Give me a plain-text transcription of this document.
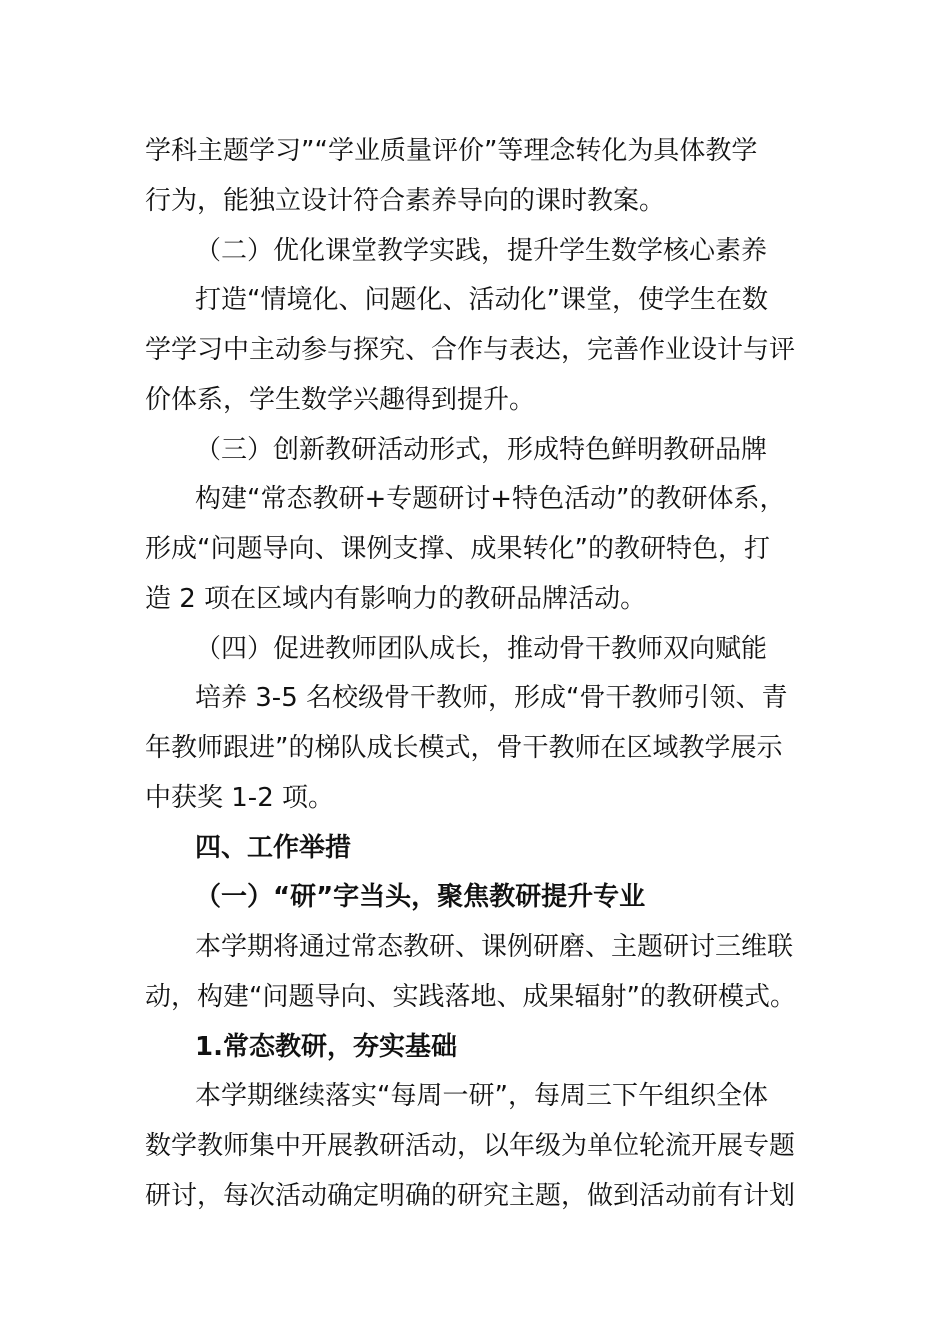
学科主题学习”“学业质量评价”等理念转化为具体教学
行为，能独立设计符合素养导向的课时教案。
（二）优化课堂教学实践，提升学生数学核心素养
打造“情境化、问题化、活动化”课堂，使学生在数
学学习中主动参与探究、合作与表达，完善作业设计与评
价体系，学生数学兴趣得到提升。
（三）创新教研活动形式，形成特色鲜明教研品牌
构建“常态教研+专题研讨+特色活动”的教研体系，
形成“问题导向、课例支撑、成果转化”的教研特色，打
造 2 项在区域内有影响力的教研品牌活动。
（四）促进教师团队成长，推动骨干教师双向赋能
培养 3-5 名校级骨干教师，形成“骨干教师引领、青
年教师跟进”的梯队成长模式，骨干教师在区域教学展示
中获奖 1-2 项。
四、工作举措
（一）“研”字当头，聚焦教研提升专业
本学期将通过常态教研、课例研磨、主题研讨三维联
动，构建“问题导向、实践落地、成果辐射”的教研模式。
1.常态教研，夯实基础
本学期继续落实“每周一研”，每周三下午组织全体
数学教师集中开展教研活动，以年级为单位轮流开展专题
研讨，每次活动确定明确的研究主题，做到活动前有计划
